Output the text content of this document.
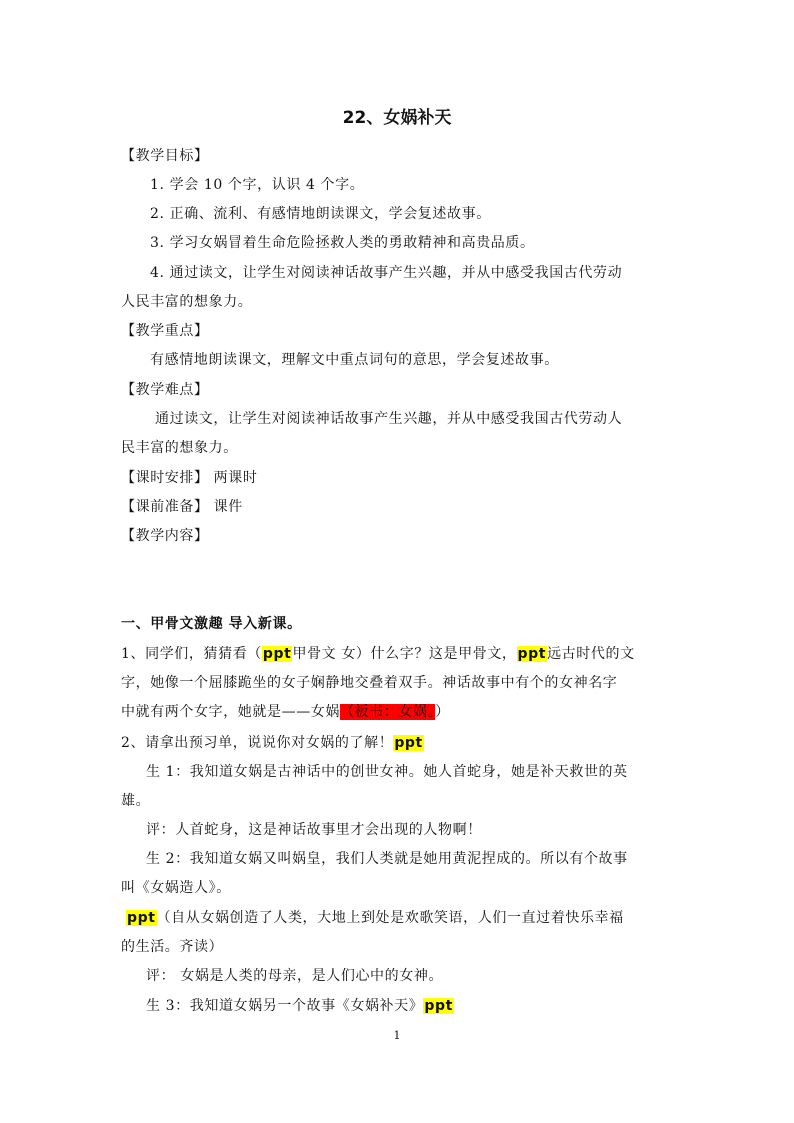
22、女娲补天
【教学目标】
1. 学会 10 个字，认识 4 个字。
2. 正确、流利、有感情地朗读课文，学会复述故事。
3. 学习女娲冒着生命危险拯救人类的勇敢精神和高贵品质。
4. 通过读文，让学生对阅读神话故事产生兴趣，并从中感受我国古代劳动
人民丰富的想象力。
【教学重点】
有感情地朗读课文，理解文中重点词句的意思，学会复述故事。
【教学难点】
通过读文，让学生对阅读神话故事产生兴趣，并从中感受我国古代劳动人
民丰富的想象力。
【课时安排】 两课时
【课前准备】 课件
【教学内容】
一、甲骨文激趣 导入新课。
1、同学们，猜猜看（ppt甲骨文 女）什么字？这是甲骨文，ppt远古时代的文
字，她像一个屈膝跪坐的女子娴静地交叠着双手。神话故事中有个的女神名字
中就有两个女字，她就是——女娲（板书：女娲。）
2、请拿出预习单，说说你对女娲的了解！ppt
生 1：我知道女娲是古神话中的创世女神。她人首蛇身，她是补天救世的英
雄。
评：人首蛇身，这是神话故事里才会出现的人物啊！
生 2：我知道女娲又叫娲皇，我们人类就是她用黄泥捏成的。所以有个故事
叫《女娲造人》。
ppt（自从女娲创造了人类，大地上到处是欢歌笑语，人们一直过着快乐幸福
的生活。齐读）
评： 女娲是人类的母亲，是人们心中的女神。
生 3：我知道女娲另一个故事《女娲补天》ppt
1
